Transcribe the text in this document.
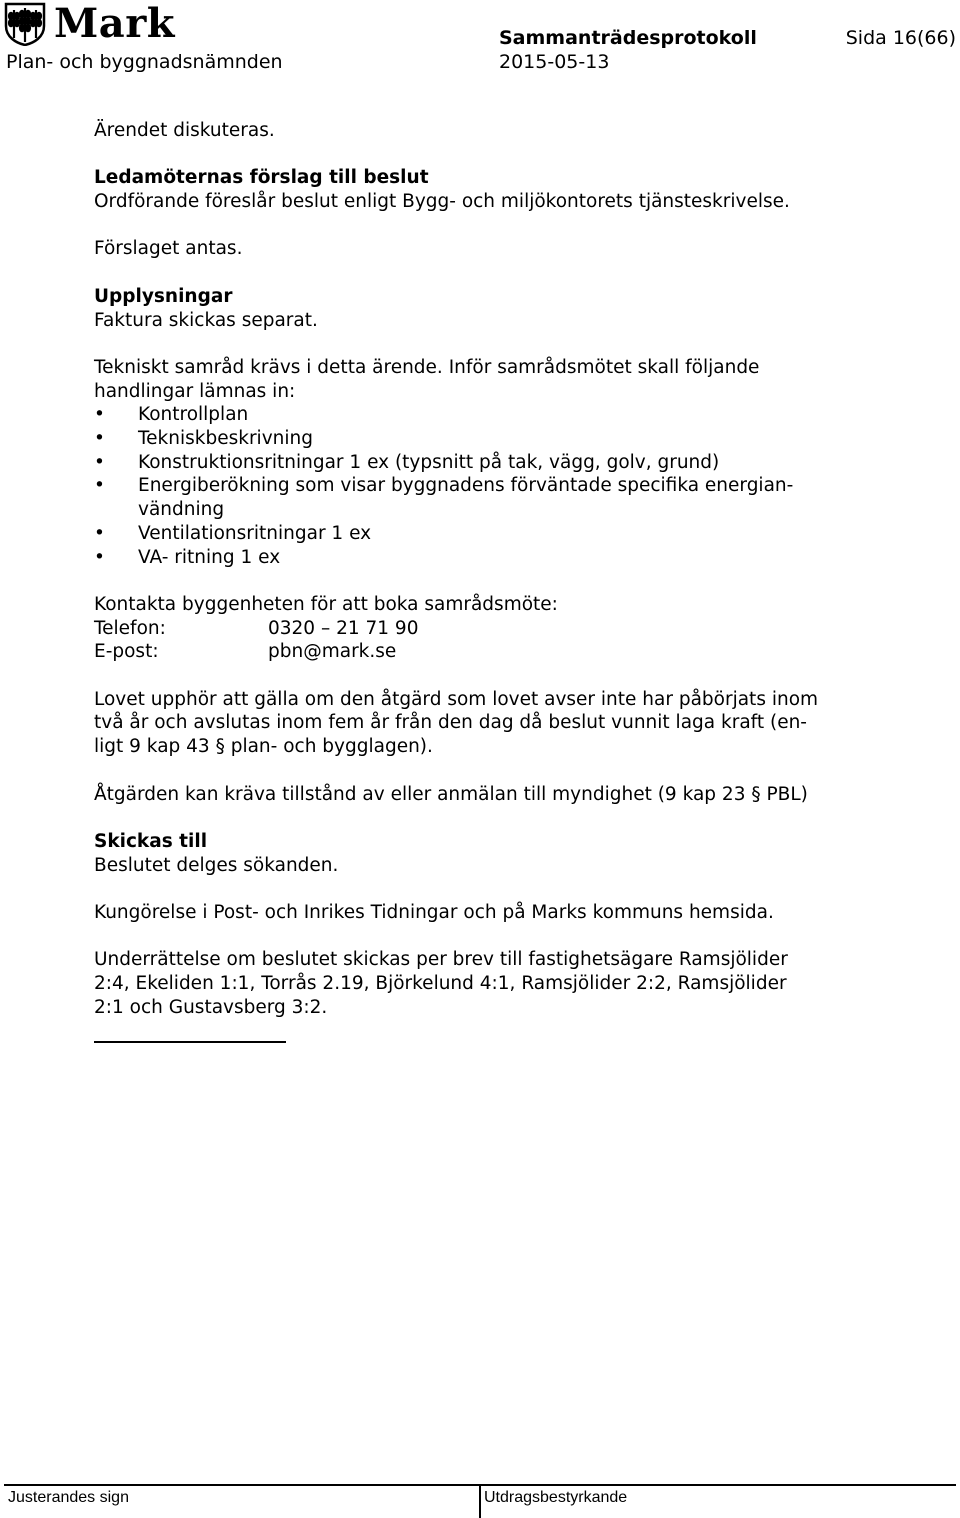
Mark
Plan- och byggnadsnämnden
Sammanträdesprotokoll
2015-05-13
Sida 16(66)

Ärendet diskuteras.

Ledamöternas förslag till beslut

Ordförande föreslår beslut enligt Bygg- och miljökontorets tjänsteskrivelse.

Förslaget antas.

Upplysningar

Faktura skickas separat.

Tekniskt samråd krävs i detta ärende. Inför samrådsmötet skall följande
handlingar lämnas in:

• Kontrollplan
• Tekniskbeskrivning
• Konstruktionsritningar 1 ex (typsnitt på tak, vägg, golv, grund)
• Energiberökning som visar byggnadens förväntade specifika energian-
vändning
• Ventilationsritningar 1 ex
• VA- ritning 1 ex

Kontakta byggenheten för att boka samrådsmöte:

Telefon:	0320 – 21 71 90
E-post:	pbn@mark.se

Lovet upphör att gälla om den åtgärd som lovet avser inte har påbörjats inom
två år och avslutas inom fem år från den dag då beslut vunnit laga kraft (en-
ligt 9 kap 43 § plan- och bygglagen).

Åtgärden kan kräva tillstånd av eller anmälan till myndighet (9 kap 23 § PBL)

Skickas till

Beslutet delges sökanden.

Kungörelse i Post- och Inrikes Tidningar och på Marks kommuns hemsida.

Underrättelse om beslutet skickas per brev till fastighetsägare Ramsjölider
2:4, Ekeliden 1:1, Torrås 2.19, Björkelund 4:1, Ramsjölider 2:2, Ramsjölider
2:1 och Gustavsberg 3:2.

Justerandes sign	Utdragsbestyrkande
